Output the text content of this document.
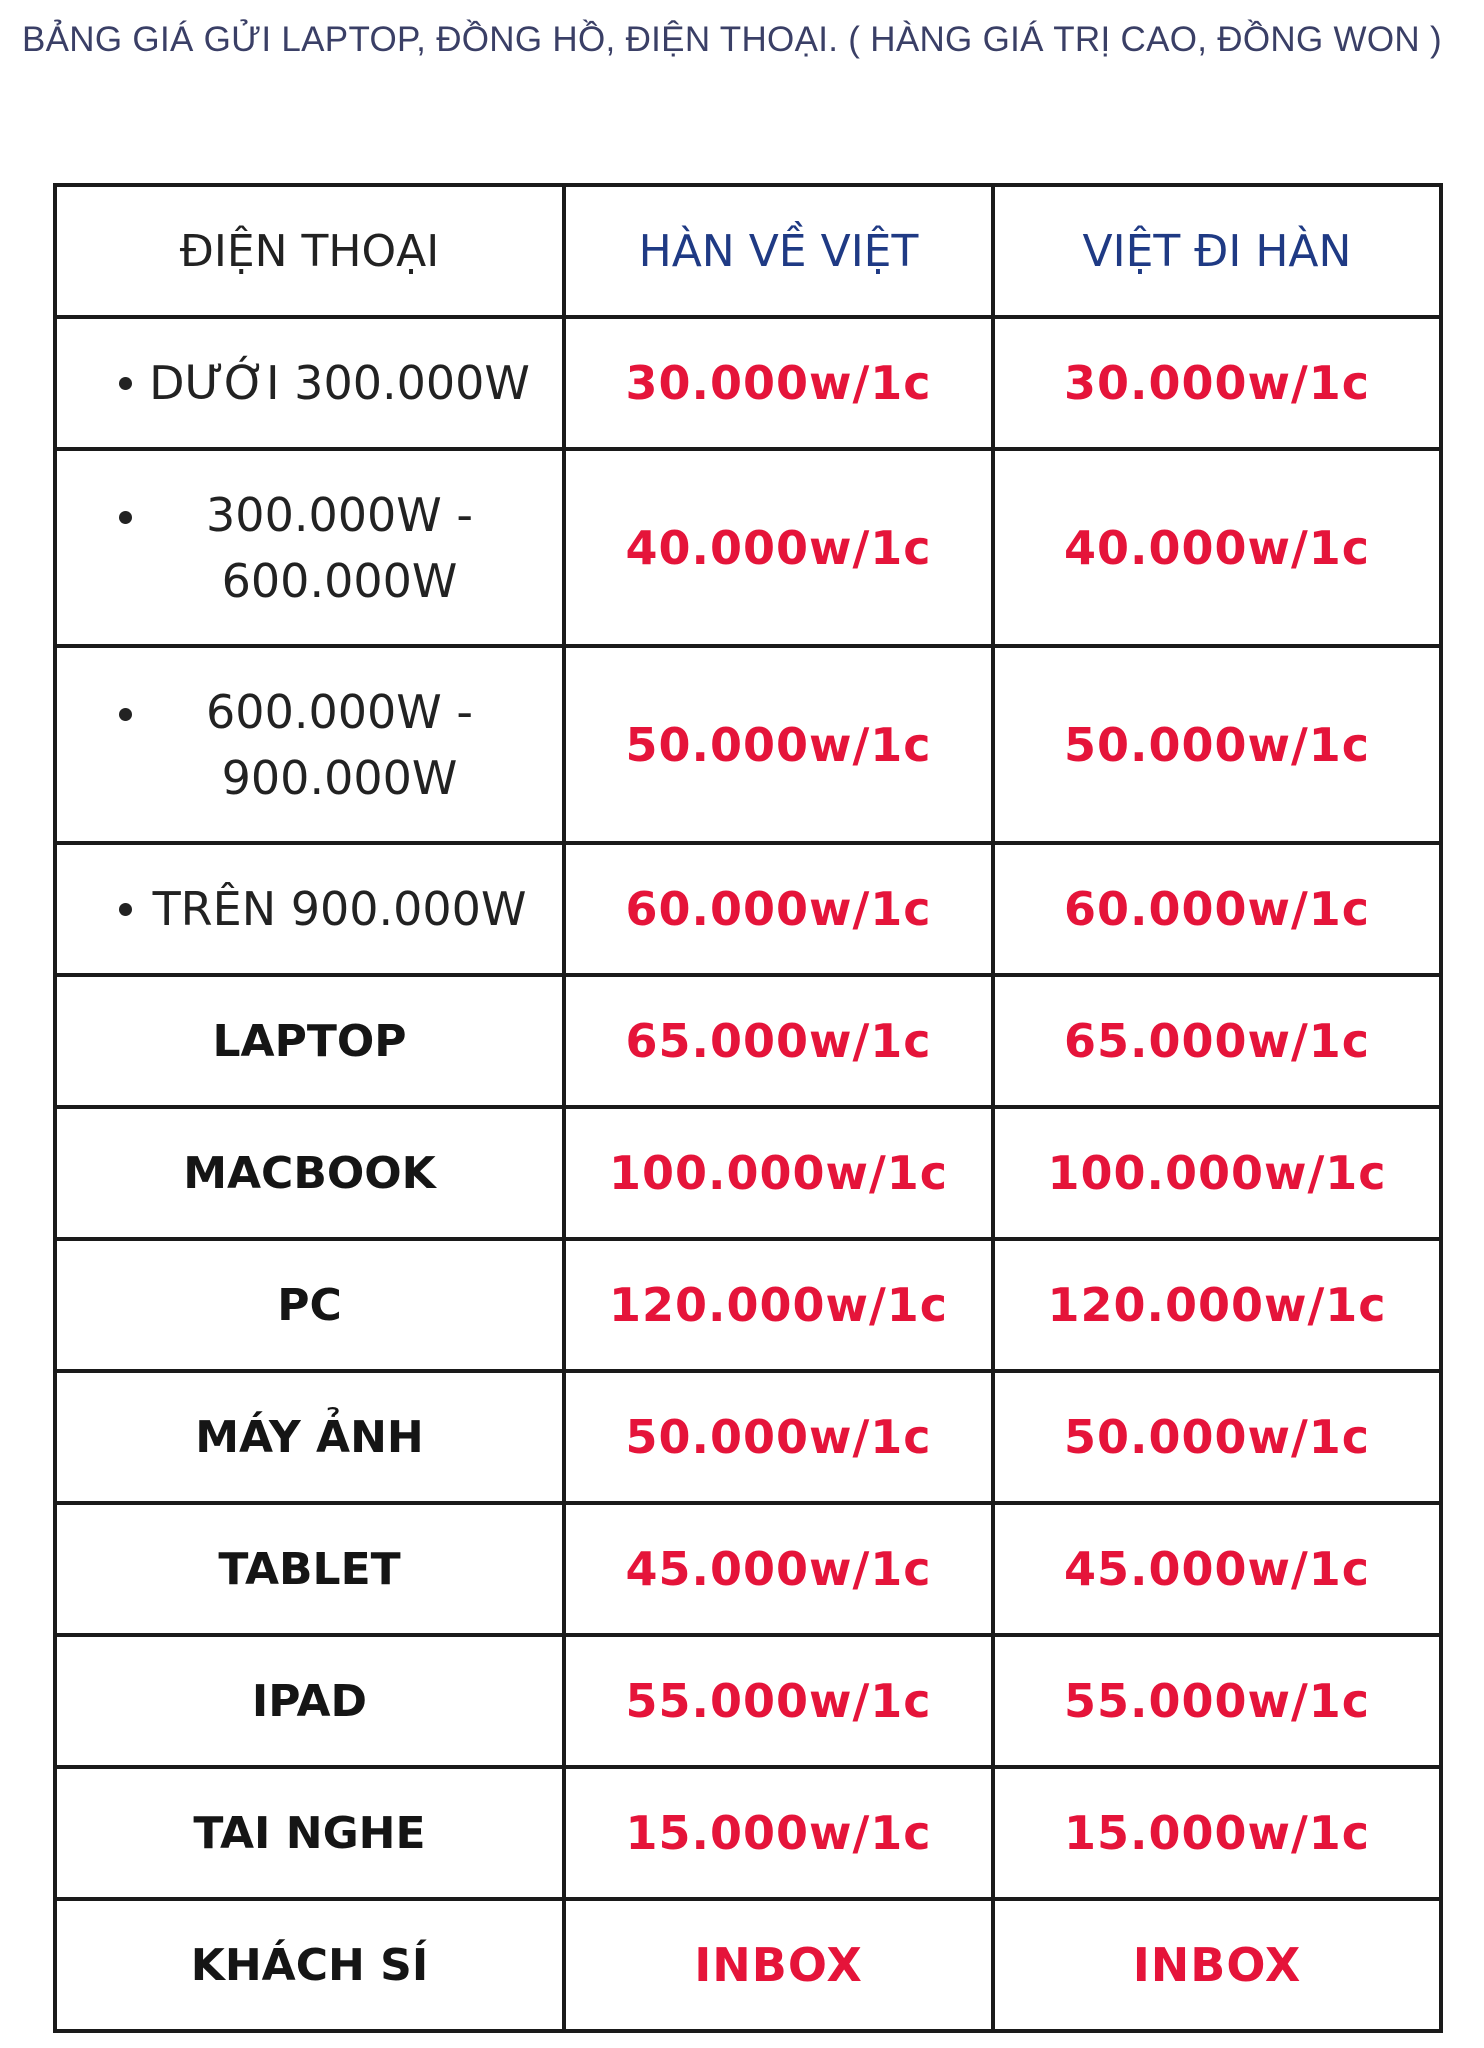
BẢNG GIÁ GỬI LAPTOP, ĐỒNG HỒ, ĐIỆN THOẠI. ( HÀNG GIÁ TRỊ CAO, ĐỒNG WON )
ĐIỆN THOẠI	HÀN VỀ VIỆT	VIỆT ĐI HÀN

DƯỚI 300.000W	30.000w/1c	30.000w/1c

300.000W -
600.000W	40.000w/1c	40.000w/1c

600.000W -
900.000W	50.000w/1c	50.000w/1c

TRÊN 900.000W	60.000w/1c	60.000w/1c
LAPTOP	65.000w/1c	65.000w/1c
MACBOOK	100.000w/1c	100.000w/1c
PC	120.000w/1c	120.000w/1c
MÁY ẢNH	50.000w/1c	50.000w/1c
TABLET	45.000w/1c	45.000w/1c
IPAD	55.000w/1c	55.000w/1c
TAI NGHE	15.000w/1c	15.000w/1c
KHÁCH SÍ	INBOX	INBOX
